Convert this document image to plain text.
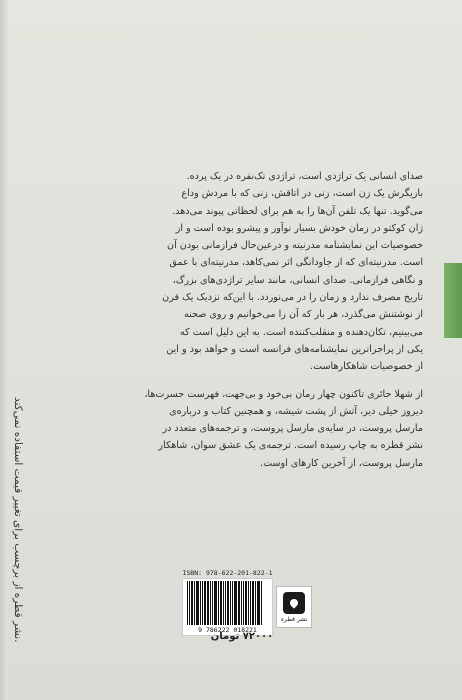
نشر قطره از برچسب برای تغییر قیمت استفاده نمی‌کند.

صدای انسانی یک تراژدی است، تراژدی تک‌نفره در یک پرده.
بازیگرش یک زن است، زنی در اتاقش، زنی که با مردش وداع
می‌گوید. تنها یک تلفن آن‌ها را به هم برای لحظاتی پیوند می‌دهد.
ژان کوکتو در زمان خودش بسیار نوآور و پیشرو بوده است و از
خصوصیات این نمایشنامه مدرنیته و درعین‌حال فرازمانی بودن آن
است. مدرنیته‌ای که از جاودانگی اثر نمی‌کاهد، مدرنیته‌ای با عمق
و نگاهی فرازمانی. صدای انسانی، مانند سایر تراژدی‌های بزرگ،
تاریخ مصرف ندارد و زمان را در می‌نوردد. با این‌که نزدیک یک قرن
از نوشتنش می‌گذرد، هر بار که آن را می‌خوانیم و روی صحنه
می‌بینیم، تکان‌دهنده و منقلب‌کننده است. به این دلیل است که
یکی از پراجراترین نمایشنامه‌های فرانسه است و خواهد بود و این
از خصوصیات شاهکارهاست.

از شهلا حائری تاکنون چهار رمان بی‌خود و بی‌جهت، فهرست حسرت‌ها،
دیروز خیلی دیر، آتش از پشت شیشه، و همچنین کتاب و درباره‌ی
مارسل پروست، در سایه‌ی مارسل پروست، و ترجمه‌های متعدد در
نشر قطره به چاپ رسیده است. ترجمه‌ی یک عشق سوان، شاهکار
مارسل پروست، از آخرین کارهای اوست.

ISBN: 978-622-201-822-1
9 786222 018221
نشر قطره
۷۲۰۰۰ تومان
